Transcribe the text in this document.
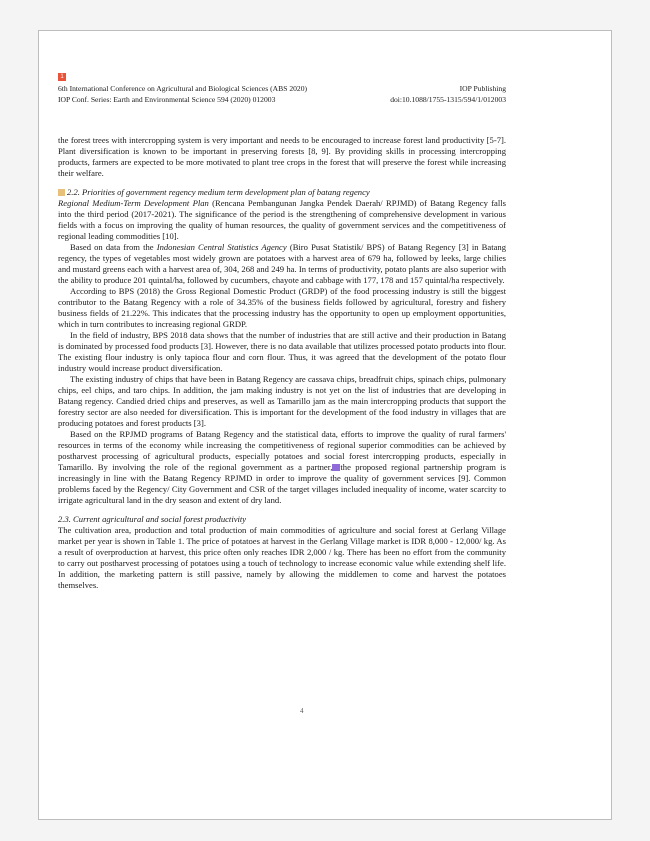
1
6th International Conference on Agricultural and Biological Sciences (ABS 2020)	IOP Publishing
IOP Conf. Series: Earth and Environmental Science 594 (2020) 012003	doi:10.1088/1755-1315/594/1/012003

the forest trees with intercropping system is very important and needs to be encouraged to increase forest land productivity [5-7]. Plant diversification is known to be important in preserving forests [8, 9]. By providing skills in processing intercropping products, farmers are expected to be more motivated to plant tree crops in the forest that will preserve the forest while increasing their welfare.

2.2. Priorities of government regency medium term development plan of batang regency

Regional Medium-Term Development Plan (Rencana Pembangunan Jangka Pendek Daerah/ RPJMD) of Batang Regency falls into the third period (2017-2021). The significance of the period is the strengthening of comprehensive development in various fields with a focus on improving the quality of human resources, the quality of government services and the competitiveness of regional leading commodities [10].

Based on data from the Indonesian Central Statistics Agency (Biro Pusat Statistik/ BPS) of Batang Regency [3] in Batang regency, the types of vegetables most widely grown are potatoes with a harvest area of 679 ha, followed by leeks, large chilies and mustard greens each with a harvest area of, 304, 268 and 249 ha. In terms of productivity, potato plants are also superior with the ability to produce 201 quintal/ha, followed by cucumbers, chayote and cabbage with 177, 178 and 157 quintal/ha respectively.

According to BPS (2018) the Gross Regional Domestic Product (GRDP) of the food processing industry is still the biggest contributor to the Batang Regency with a role of 34.35% of the business fields followed by agricultural, forestry and fishery business fields of 21.22%. This indicates that the processing industry has the opportunity to open up employment opportunities, which in turn contributes to increasing regional GRDP.

In the field of industry, BPS 2018 data shows that the number of industries that are still active and their production in Batang is dominated by processed food products [3]. However, there is no data available that utilizes processed potato products into flour. The existing flour industry is only tapioca flour and corn flour. Thus, it was agreed that the development of the potato flour industry would increase product diversification.

The existing industry of chips that have been in Batang Regency are cassava chips, breadfruit chips, spinach chips, pulmonary chips, eel chips, and taro chips. In addition, the jam making industry is not yet on the list of industries that are developing in Batang regency. Candied dried chips and preserves, as well as Tamarillo jam as the main intercropping products that support the forestry sector are also needed for diversification. This is important for the development of the food industry in villages that are producing potatoes and forest products [3].

Based on the RPJMD programs of Batang Regency and the statistical data, efforts to improve the quality of rural farmers' resources in terms of the economy while increasing the competitiveness of regional superior commodities can be achieved by postharvest processing of agricultural products, especially potatoes and social forest intercropping products, especially in Tamarillo. By involving the role of the regional government as a partner, the proposed regional partnership program is increasingly in line with the Batang Regency RPJMD in order to improve the quality of government services [9]. Common problems faced by the Regency/ City Government and CSR of the target villages included inequality of income, water scarcity to irrigate agricultural land in the dry season and extent of dry land.

2.3. Current agricultural and social forest productivity

The cultivation area, production and total production of main commodities of agriculture and social forest at Gerlang Village market per year is shown in Table 1. The price of potatoes at harvest in the Gerlang Village market is IDR 8,000 - 12,000/ kg. As a result of overproduction at harvest, this price often only reaches IDR 2,000 / kg. There has been no effort from the community to carry out postharvest processing of potatoes using a touch of technology to increase economic value while extending shelf life. In addition, the marketing pattern is still passive, namely by allowing the middlemen to come and harvest the potatoes themselves.

4
